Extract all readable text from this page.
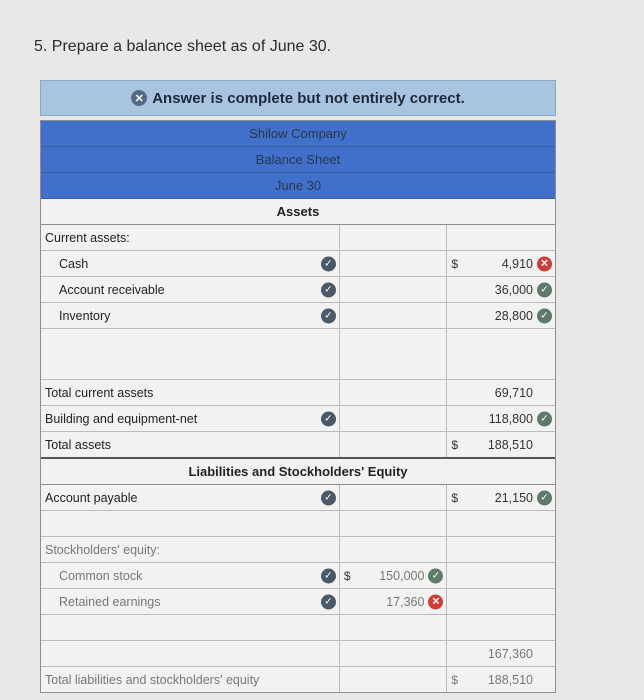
5. Prepare a balance sheet as of June 30.
✕ Answer is complete but not entirely correct.
Shilow Company
Balance Sheet
June 30
Assets
Current assets:
Cash	✓	$	4,910 ✕
Account receivable	✓	36,000 ✓
Inventory	✓	28,800 ✓
Total current assets	69,710
Building and equipment-net	✓	118,800 ✓
Total assets	$ 188,510
Liabilities and Stockholders' Equity
Account payable	✓	$	21,150 ✓
Stockholders' equity:
Common stock	✓ $ 150,000 ✓
Retained earnings	✓	17,360 ✕
167,360
Total liabilities and stockholders' equity	$ 188,510
